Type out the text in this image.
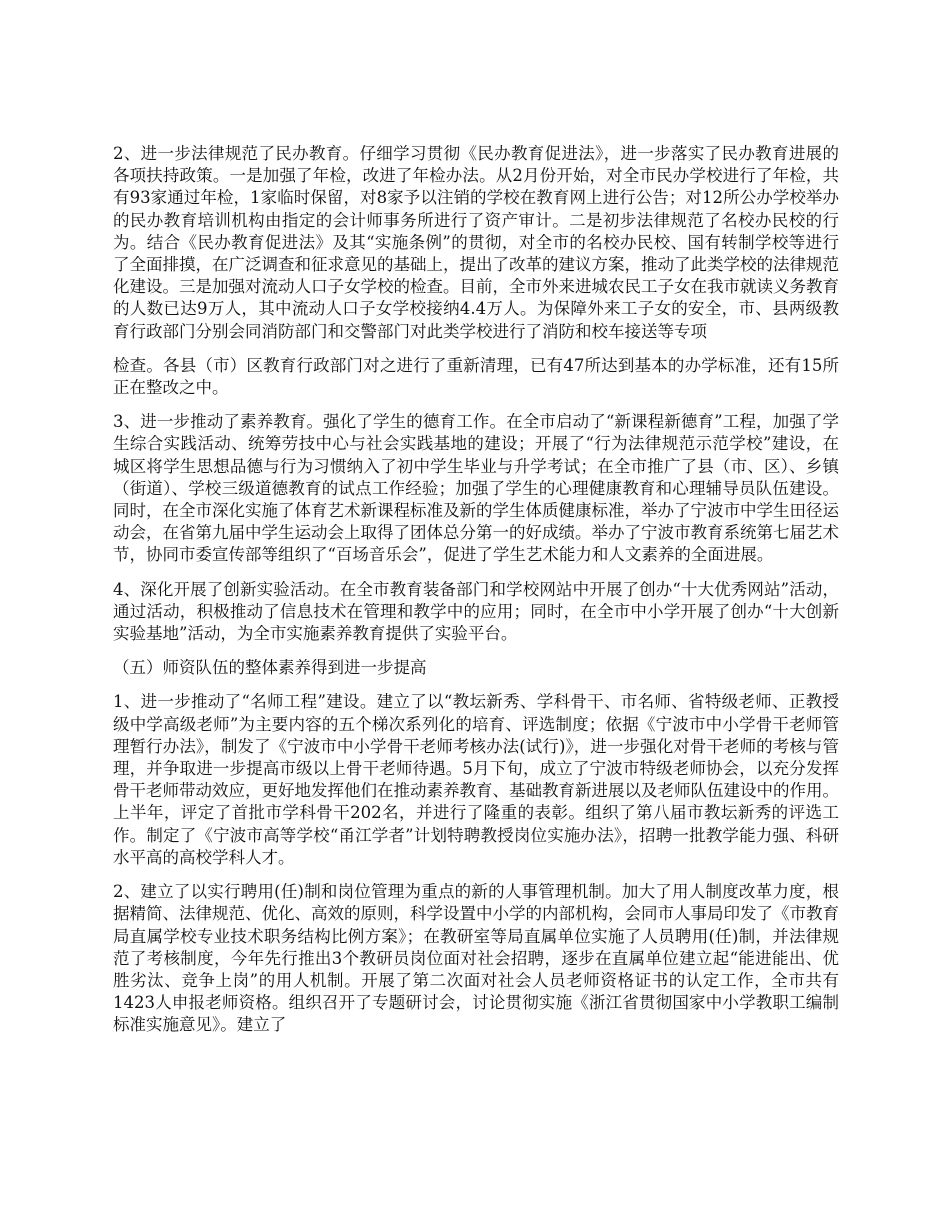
2、进一步法律规范了民办教育。仔细学习贯彻《民办教育促进法》，进一步落实了民办教育进展的各项扶持政策。一是加强了年检，改进了年检办法。从2月份开始，对全市民办学校进行了年检，共有93家通过年检，1家临时保留，对8家予以注销的学校在教育网上进行公告；对12所公办学校举办的民办教育培训机构由指定的会计师事务所进行了资产审计。二是初步法律规范了名校办民校的行为。结合《民办教育促进法》及其“实施条例”的贯彻，对全市的名校办民校、国有转制学校等进行了全面排摸，在广泛调查和征求意见的基础上，提出了改革的建议方案，推动了此类学校的法律规范化建设。三是加强对流动人口子女学校的检查。目前，全市外来进城农民工子女在我市就读义务教育的人数已达9万人，其中流动人口子女学校接纳4.4万人。为保障外来工子女的安全，市、县两级教育行政部门分别会同消防部门和交警部门对此类学校进行了消防和校车接送等专项

检查。各县（市）区教育行政部门对之进行了重新清理，已有47所达到基本的办学标准，还有15所正在整改之中。

3、进一步推动了素养教育。强化了学生的德育工作。在全市启动了“新课程新德育”工程，加强了学生综合实践活动、统筹劳技中心与社会实践基地的建设；开展了“行为法律规范示范学校”建设，在城区将学生思想品德与行为习惯纳入了初中学生毕业与升学考试；在全市推广了县（市、区）、乡镇（街道）、学校三级道德教育的试点工作经验；加强了学生的心理健康教育和心理辅导员队伍建设。同时，在全市深化实施了体育艺术新课程标准及新的学生体质健康标准，举办了宁波市中学生田径运动会，在省第九届中学生运动会上取得了团体总分第一的好成绩。举办了宁波市教育系统第七届艺术节，协同市委宣传部等组织了“百场音乐会”，促进了学生艺术能力和人文素养的全面进展。

4、深化开展了创新实验活动。在全市教育装备部门和学校网站中开展了创办“十大优秀网站”活动，通过活动，积极推动了信息技术在管理和教学中的应用；同时，在全市中小学开展了创办“十大创新实验基地”活动，为全市实施素养教育提供了实验平台。

（五）师资队伍的整体素养得到进一步提高

1、进一步推动了“名师工程”建设。建立了以“教坛新秀、学科骨干、市名师、省特级老师、正教授级中学高级老师”为主要内容的五个梯次系列化的培育、评选制度；依据《宁波市中小学骨干老师管理暂行办法》，制发了《宁波市中小学骨干老师考核办法(试行)》，进一步强化对骨干老师的考核与管理，并争取进一步提高市级以上骨干老师待遇。5月下旬，成立了宁波市特级老师协会，以充分发挥骨干老师带动效应，更好地发挥他们在推动素养教育、基础教育新进展以及老师队伍建设中的作用。上半年，评定了首批市学科骨干202名，并进行了隆重的表彰。组织了第八届市教坛新秀的评选工作。制定了《宁波市高等学校“甬江学者”计划特聘教授岗位实施办法》，招聘一批教学能力强、科研水平高的高校学科人才。

2、建立了以实行聘用(任)制和岗位管理为重点的新的人事管理机制。加大了用人制度改革力度，根据精简、法律规范、优化、高效的原则，科学设置中小学的内部机构，会同市人事局印发了《市教育局直属学校专业技术职务结构比例方案》；在教研室等局直属单位实施了人员聘用(任)制，并法律规范了考核制度，今年先行推出3个教研员岗位面对社会招聘，逐步在直属单位建立起“能进能出、优胜劣汰、竞争上岗”的用人机制。开展了第二次面对社会人员老师资格证书的认定工作，全市共有1423人申报老师资格。组织召开了专题研讨会，讨论贯彻实施《浙江省贯彻国家中小学教职工编制标准实施意见》。建立了
